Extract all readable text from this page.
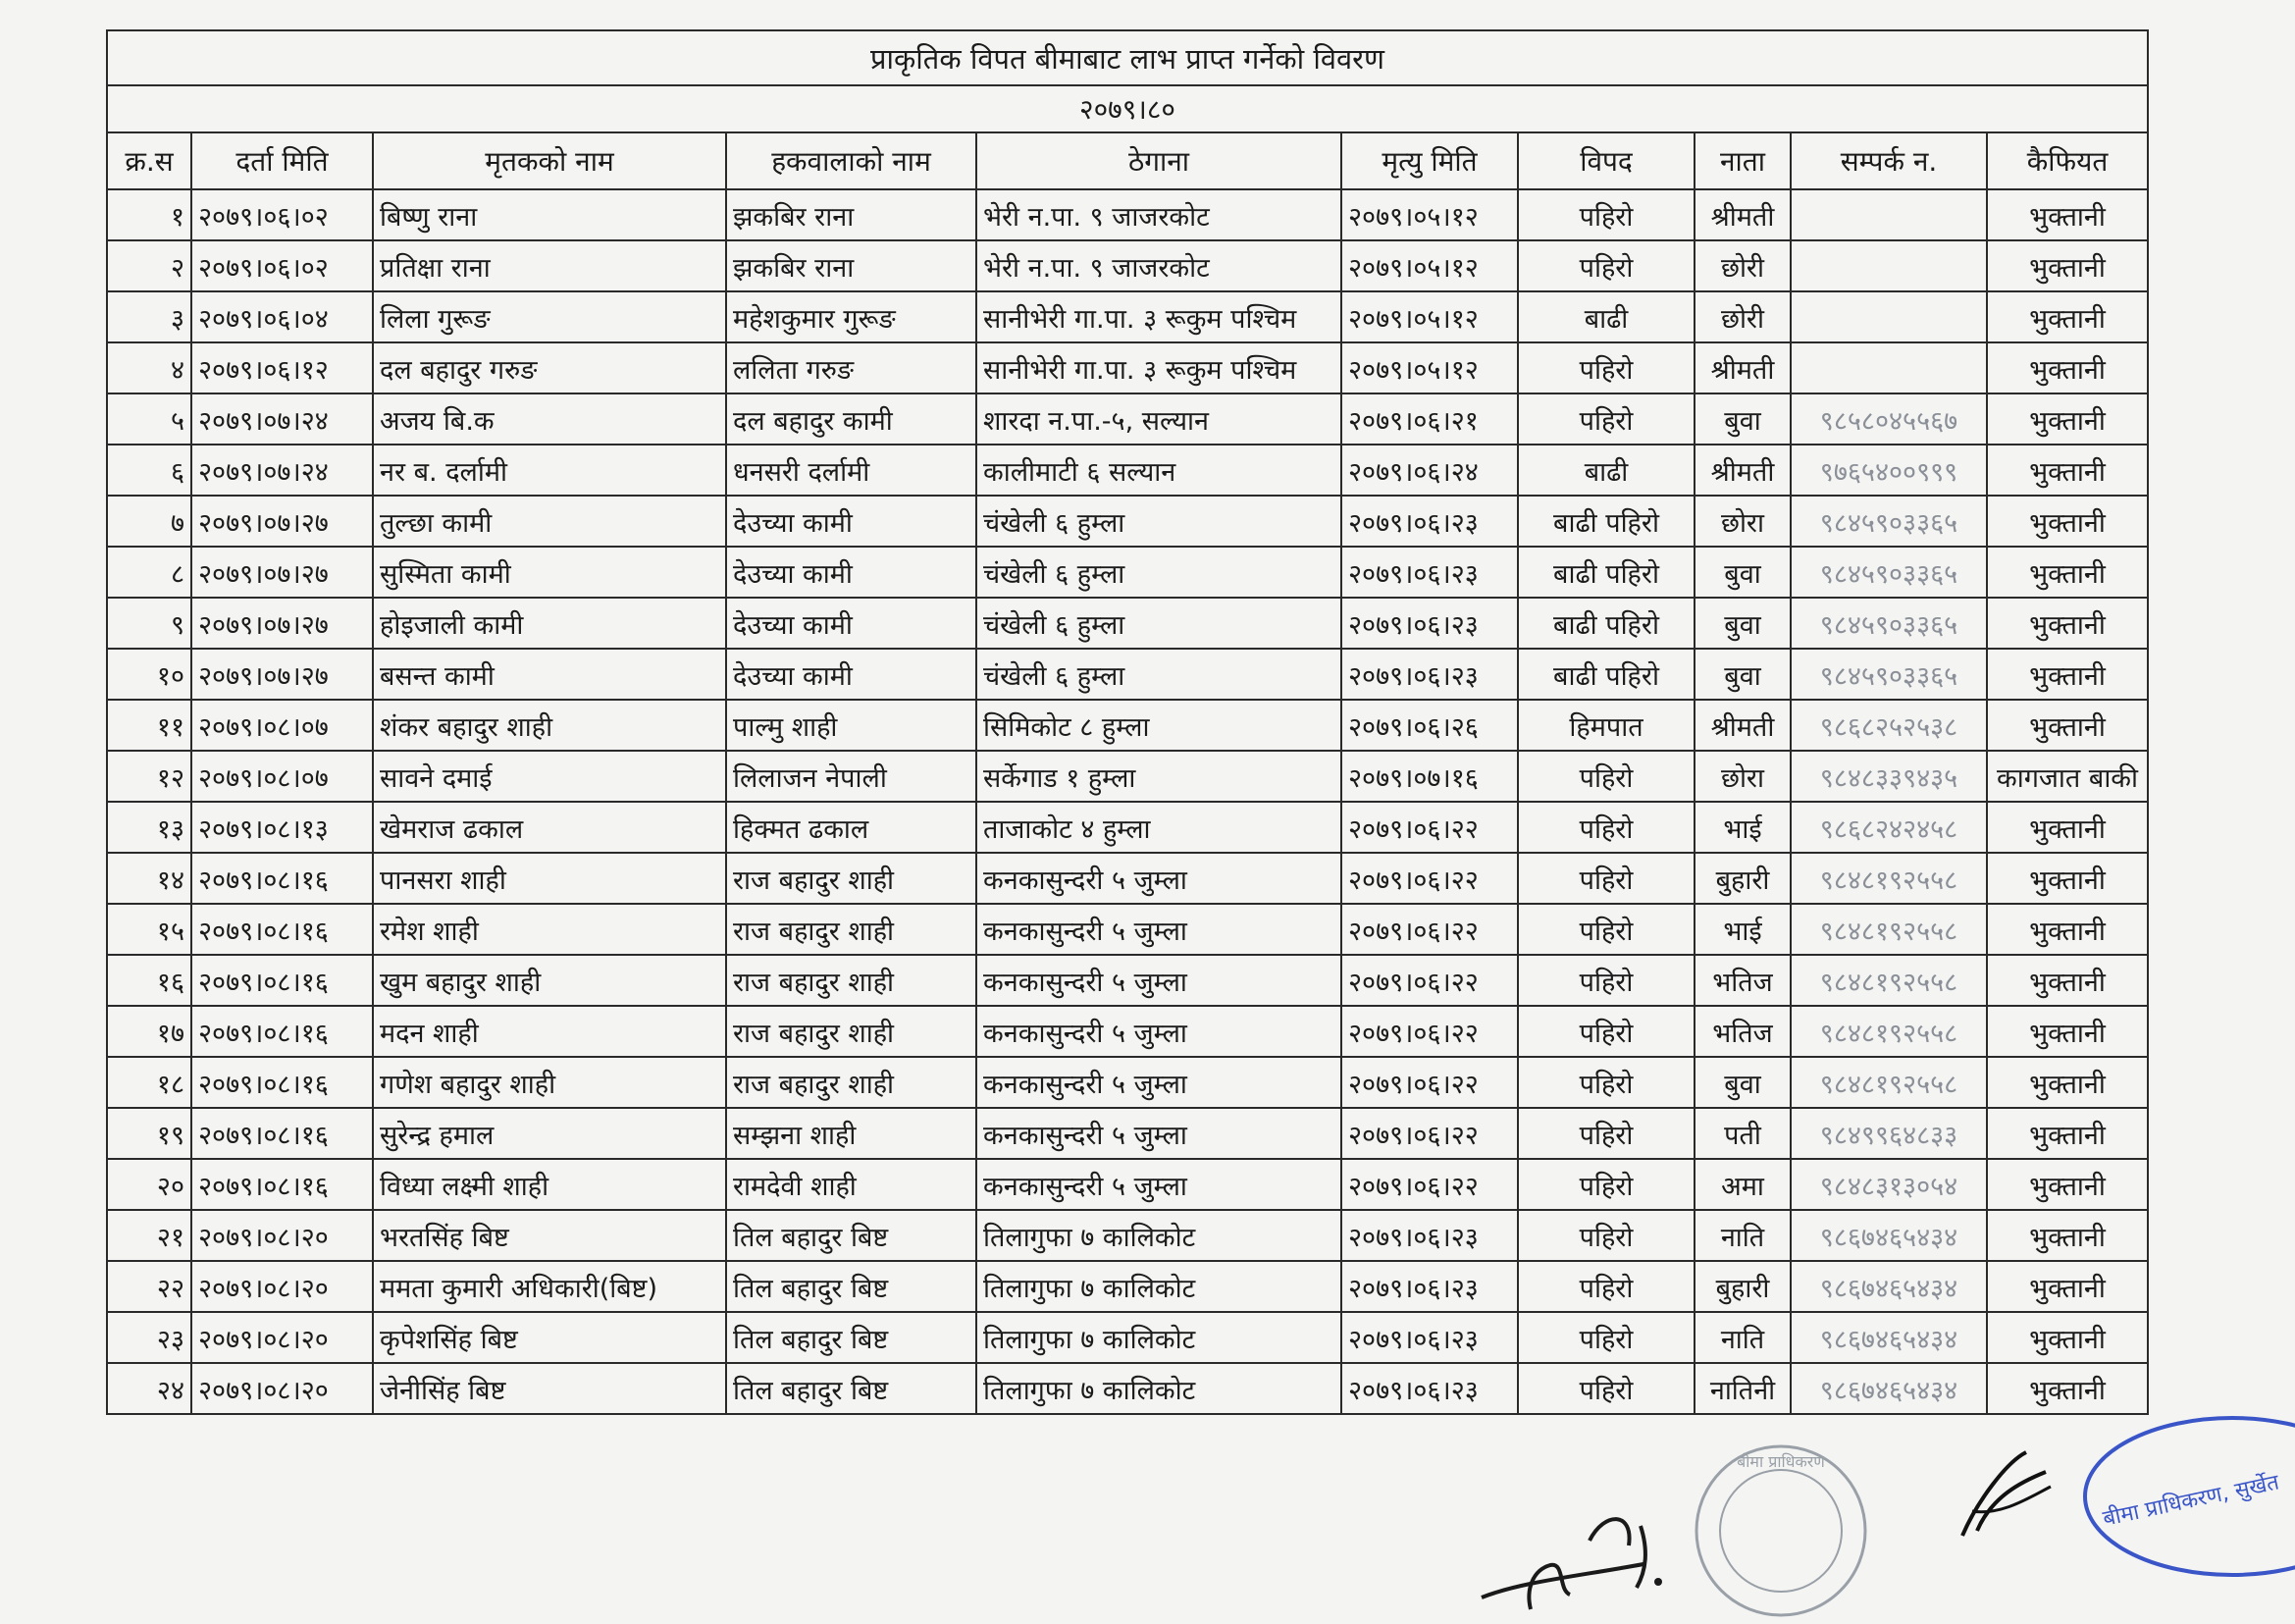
प्राकृतिक विपत बीमाबाट लाभ प्राप्त गर्नेको विवरण									
२०७९।८०									
क्र.स	दर्ता मिति	मृतकको नाम	हकवालाको नाम	ठेगाना	मृत्यु मिति	विपद	नाता	सम्पर्क न.	कैफियत
१	२०७९।०६।०२	बिष्णु राना	झकबिर राना	भेरी न.पा. ९ जाजरकोट	२०७९।०५।१२	पहिरो	श्रीमती		भुक्तानी
२	२०७९।०६।०२	प्रतिक्षा राना	झकबिर राना	भेरी न.पा. ९ जाजरकोट	२०७९।०५।१२	पहिरो	छोरी		भुक्तानी
३	२०७९।०६।०४	लिला गुरूङ	महेशकुमार गुरूङ	सानीभेरी गा.पा. ३ रूकुम पश्चिम	२०७९।०५।१२	बाढी	छोरी		भुक्तानी
४	२०७९।०६।१२	दल बहादुर गरुङ	ललिता गरुङ	सानीभेरी गा.पा. ३ रूकुम पश्चिम	२०७९।०५।१२	पहिरो	श्रीमती		भुक्तानी
५	२०७९।०७।२४	अजय बि.क	दल बहादुर कामी	शारदा न.पा.-५, सल्यान	२०७९।०६।२१	पहिरो	बुवा	९८५८०४५५६७	भुक्तानी
६	२०७९।०७।२४	नर ब. दर्लामी	धनसरी दर्लामी	कालीमाटी ६ सल्यान	२०७९।०६।२४	बाढी	श्रीमती	९७६५४००९९९	भुक्तानी
७	२०७९।०७।२७	तुल्छा कामी	देउच्या कामी	चंखेली ६ हुम्ला	२०७९।०६।२३	बाढी पहिरो	छोरा	९८४५९०३३६५	भुक्तानी
८	२०७९।०७।२७	सुस्मिता कामी	देउच्या कामी	चंखेली ६ हुम्ला	२०७९।०६।२३	बाढी पहिरो	बुवा	९८४५९०३३६५	भुक्तानी
९	२०७९।०७।२७	होइजाली कामी	देउच्या कामी	चंखेली ६ हुम्ला	२०७९।०६।२३	बाढी पहिरो	बुवा	९८४५९०३३६५	भुक्तानी
१०	२०७९।०७।२७	बसन्त कामी	देउच्या कामी	चंखेली ६ हुम्ला	२०७९।०६।२३	बाढी पहिरो	बुवा	९८४५९०३३६५	भुक्तानी
११	२०७९।०८।०७	शंकर बहादुर शाही	पाल्मु शाही	सिमिकोट ८ हुम्ला	२०७९।०६।२६	हिमपात	श्रीमती	९८६८२५२५३८	भुक्तानी
१२	२०७९।०८।०७	सावने दमाई	लिलाजन नेपाली	सर्केगाड १ हुम्ला	२०७९।०७।१६	पहिरो	छोरा	९८४८३३९४३५	कागजात बाकी
१३	२०७९।०८।१३	खेमराज ढकाल	हिक्मत ढकाल	ताजाकोट ४ हुम्ला	२०७९।०६।२२	पहिरो	भाई	९८६८२४२४५८	भुक्तानी
१४	२०७९।०८।१६	पानसरा शाही	राज बहादुर शाही	कनकासुन्दरी ५ जुम्ला	२०७९।०६।२२	पहिरो	बुहारी	९८४८१९२५५८	भुक्तानी
१५	२०७९।०८।१६	रमेश शाही	राज बहादुर शाही	कनकासुन्दरी ५ जुम्ला	२०७९।०६।२२	पहिरो	भाई	९८४८१९२५५८	भुक्तानी
१६	२०७९।०८।१६	खुम बहादुर शाही	राज बहादुर शाही	कनकासुन्दरी ५ जुम्ला	२०७९।०६।२२	पहिरो	भतिज	९८४८१९२५५८	भुक्तानी
१७	२०७९।०८।१६	मदन शाही	राज बहादुर शाही	कनकासुन्दरी ५ जुम्ला	२०७९।०६।२२	पहिरो	भतिज	९८४८१९२५५८	भुक्तानी
१८	२०७९।०८।१६	गणेश बहादुर शाही	राज बहादुर शाही	कनकासुन्दरी ५ जुम्ला	२०७९।०६।२२	पहिरो	बुवा	९८४८१९२५५८	भुक्तानी
१९	२०७९।०८।१६	सुरेन्द्र हमाल	सम्झना शाही	कनकासुन्दरी ५ जुम्ला	२०७९।०६।२२	पहिरो	पती	९८४९९६४८३३	भुक्तानी
२०	२०७९।०८।१६	विध्या लक्ष्मी शाही	रामदेवी शाही	कनकासुन्दरी ५ जुम्ला	२०७९।०६।२२	पहिरो	अमा	९८४८३१३०५४	भुक्तानी
२१	२०७९।०८।२०	भरतसिंह बिष्ट	तिल बहादुर बिष्ट	तिलागुफा ७ कालिकोट	२०७९।०६।२३	पहिरो	नाति	९८६७४६५४३४	भुक्तानी
२२	२०७९।०८।२०	ममता कुमारी अधिकारी(बिष्ट)	तिल बहादुर बिष्ट	तिलागुफा ७ कालिकोट	२०७९।०६।२३	पहिरो	बुहारी	९८६७४६५४३४	भुक्तानी
२३	२०७९।०८।२०	कृपेशसिंह बिष्ट	तिल बहादुर बिष्ट	तिलागुफा ७ कालिकोट	२०७९।०६।२३	पहिरो	नाति	९८६७४६५४३४	भुक्तानी
२४	२०७९।०८।२०	जेनीसिंह बिष्ट	तिल बहादुर बिष्ट	तिलागुफा ७ कालिकोट	२०७९।०६।२३	पहिरो	नातिनी	९८६७४६५४३४	भुक्तानी
बीमा प्राधिकरण
बीमा प्राधिकरण, सुर्खेत
